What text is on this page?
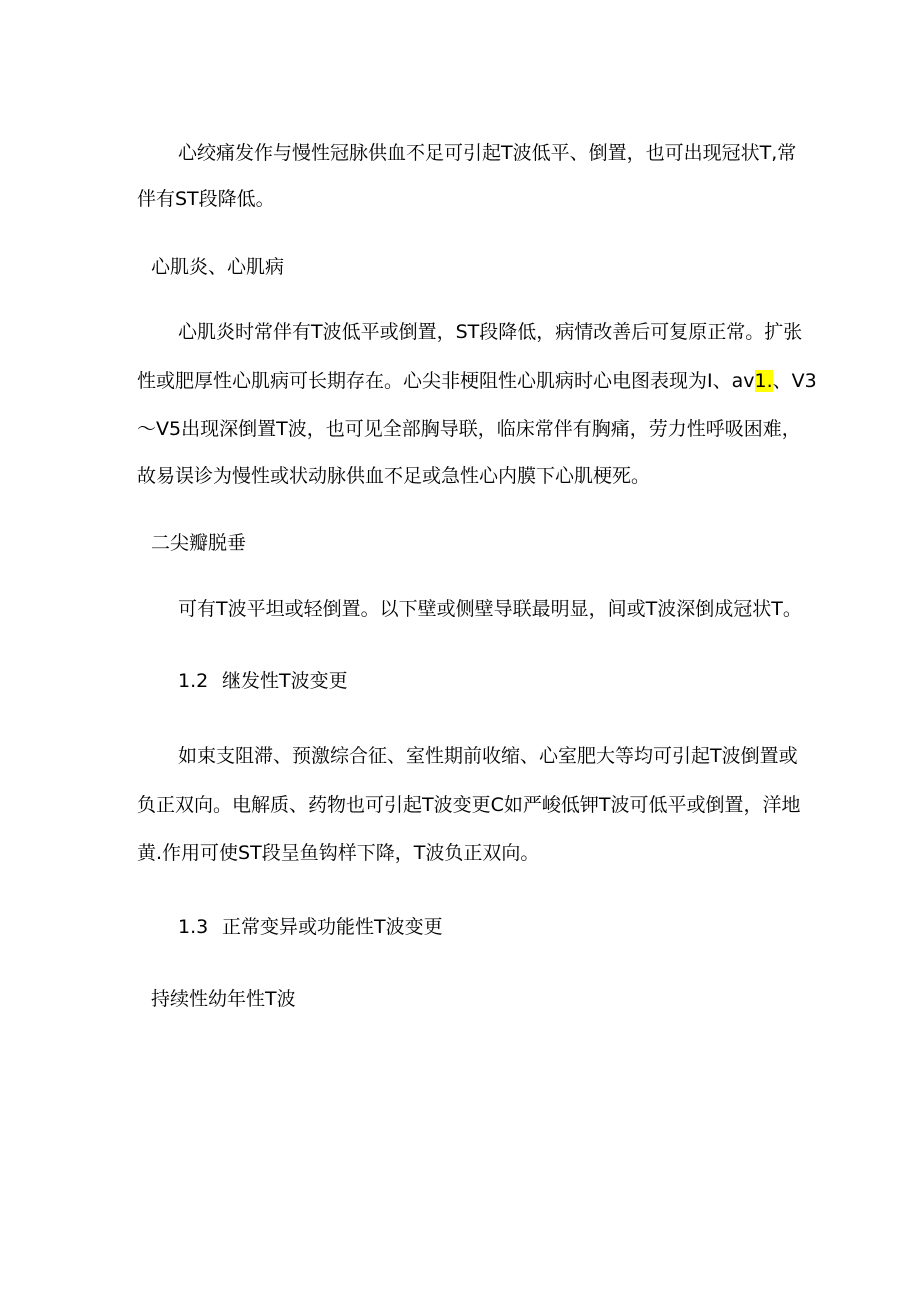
心绞痛发作与慢性冠脉供血不足可引起T波低平、倒置，也可出现冠状T,常
伴有ST段降低。
心肌炎、心肌病
心肌炎时常伴有T波低平或倒置，ST段降低，病情改善后可复原正常。扩张
性或肥厚性心肌病可长期存在。心尖非梗阻性心肌病时心电图表现为I、av1.、V3
～V5出现深倒置T波，也可见全部胸导联，临床常伴有胸痛，劳力性呼吸困难，
故易误诊为慢性或状动脉供血不足或急性心内膜下心肌梗死。
二尖瓣脱垂
可有T波平坦或轻倒置。以下壁或侧壁导联最明显，间或T波深倒成冠状T。
1.2 继发性T波变更
如束支阻滞、预激综合征、室性期前收缩、心室肥大等均可引起T波倒置或
负正双向。电解质、药物也可引起T波变更C如严峻低钾T波可低平或倒置，洋地
黄.作用可使ST段呈鱼钩样下降，T波负正双向。
1.3 正常变异或功能性T波变更
持续性幼年性T波
